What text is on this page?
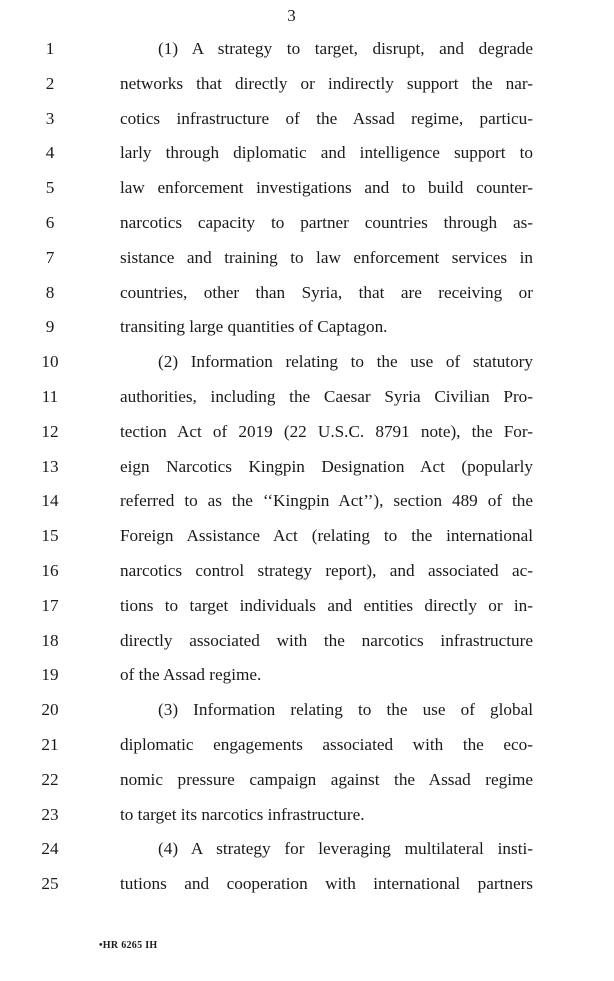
3
1	(1) A strategy to target, disrupt, and degrade
2	networks that directly or indirectly support the nar-
3	cotics infrastructure of the Assad regime, particu-
4	larly through diplomatic and intelligence support to
5	law enforcement investigations and to build counter-
6	narcotics capacity to partner countries through as-
7	sistance and training to law enforcement services in
8	countries, other than Syria, that are receiving or
9	transiting large quantities of Captagon.
10	(2) Information relating to the use of statutory
11	authorities, including the Caesar Syria Civilian Pro-
12	tection Act of 2019 (22 U.S.C. 8791 note), the For-
13	eign Narcotics Kingpin Designation Act (popularly
14	referred to as the ‘‘Kingpin Act’’), section 489 of the
15	Foreign Assistance Act (relating to the international
16	narcotics control strategy report), and associated ac-
17	tions to target individuals and entities directly or in-
18	directly associated with the narcotics infrastructure
19	of the Assad regime.
20	(3) Information relating to the use of global
21	diplomatic engagements associated with the eco-
22	nomic pressure campaign against the Assad regime
23	to target its narcotics infrastructure.
24	(4) A strategy for leveraging multilateral insti-
25	tutions and cooperation with international partners
•HR 6265 IH
